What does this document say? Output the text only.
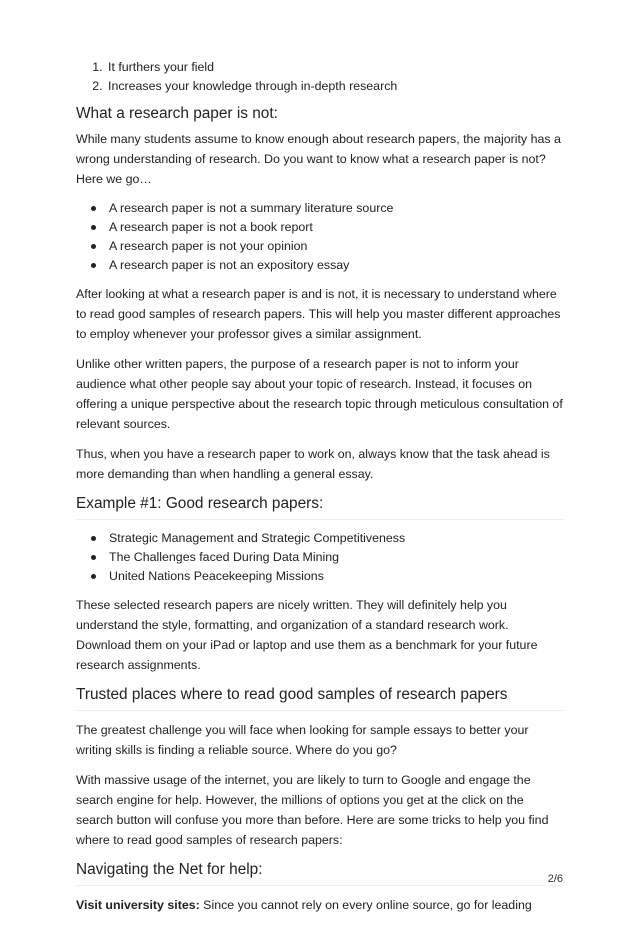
1. It furthers your field
2. Increases your knowledge through in-depth research
What a research paper is not:

While many students assume to know enough about research papers, the majority has a wrong understanding of research. Do you want to know what a research paper is not? Here we go…

A research paper is not a summary literature source
A research paper is not a book report
A research paper is not your opinion
A research paper is not an expository essay

After looking at what a research paper is and is not, it is necessary to understand where to read good samples of research papers. This will help you master different approaches to employ whenever your professor gives a similar assignment.

Unlike other written papers, the purpose of a research paper is not to inform your audience what other people say about your topic of research. Instead, it focuses on offering a unique perspective about the research topic through meticulous consultation of relevant sources.

Thus, when you have a research paper to work on, always know that the task ahead is more demanding than when handling a general essay.

Example #1: Good research papers:
Strategic Management and Strategic Competitiveness
The Challenges faced During Data Mining
United Nations Peacekeeping Missions

These selected research papers are nicely written. They will definitely help you understand the style, formatting, and organization of a standard research work. Download them on your iPad or laptop and use them as a benchmark for your future research assignments.

Trusted places where to read good samples of research papers

The greatest challenge you will face when looking for sample essays to better your writing skills is finding a reliable source. Where do you go?

With massive usage of the internet, you are likely to turn to Google and engage the search engine for help. However, the millions of options you get at the click on the search button will confuse you more than before. Here are some tricks to help you find where to read good samples of research papers:

Navigating the Net for help:

Visit university sites: Since you cannot rely on every online source, go for leading

2/6
